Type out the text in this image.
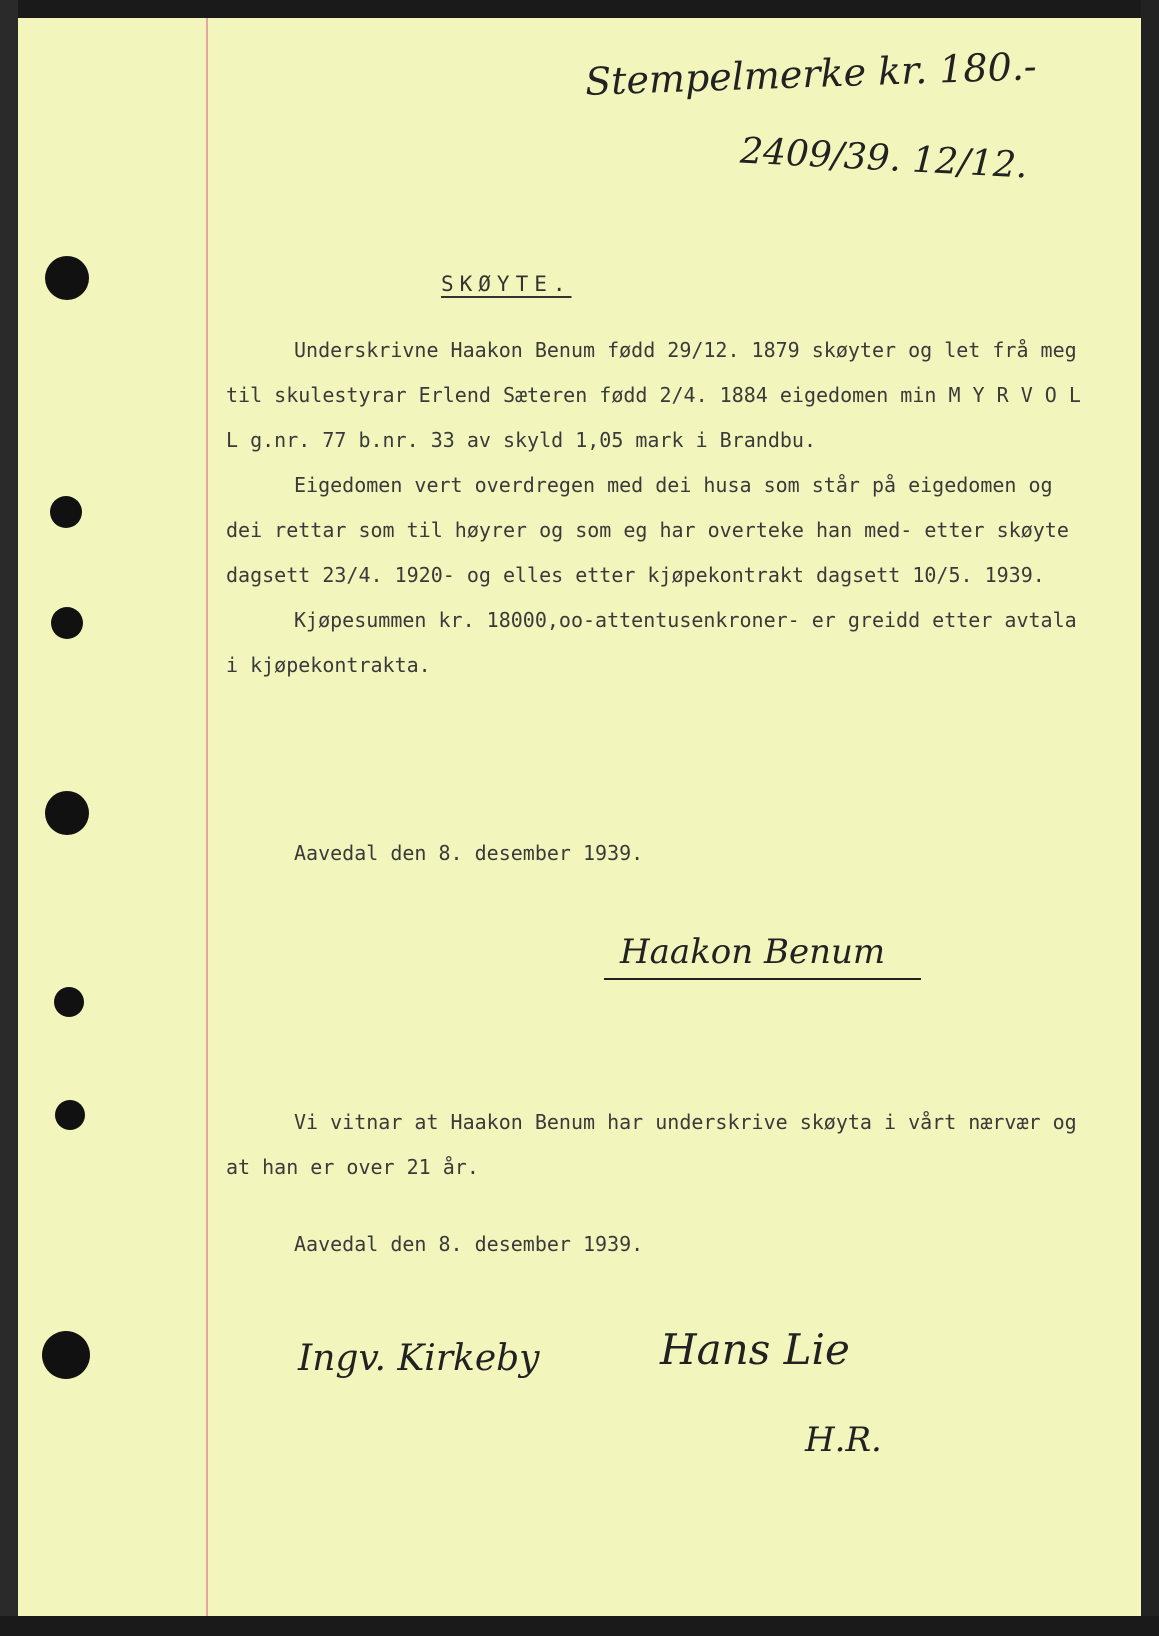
Stempelmerke kr. 180.-
2409/39. 12/12.
SKØYTE.

Underskrivne Haakon Benum fødd 29/12. 1879 skøyter og let frå meg til skulestyrar Erlend Sæteren fødd 2/4. 1884 eigedomen min M Y R V O L L g.nr. 77 b.nr. 33 av skyld 1,05 mark i Brandbu.

Eigedomen vert overdregen med dei husa som står på eigedomen og dei rettar som til høyrer og som eg har overteke han med- etter skøyte dagsett 23/4. 1920- og elles etter kjøpekontrakt dagsett 10/5. 1939.

Kjøpesummen kr. 18000,oo-attentusenkroner- er greidd etter avtala i kjøpekontrakta.

Aavedal den 8. desember 1939.
Haakon Benum

Vi vitnar at Haakon Benum har underskrive skøyta i vårt nærvær og at han er over 21 år.

Aavedal den 8. desember 1939.
Ingv. Kirkeby	Hans Lie
H.R.
